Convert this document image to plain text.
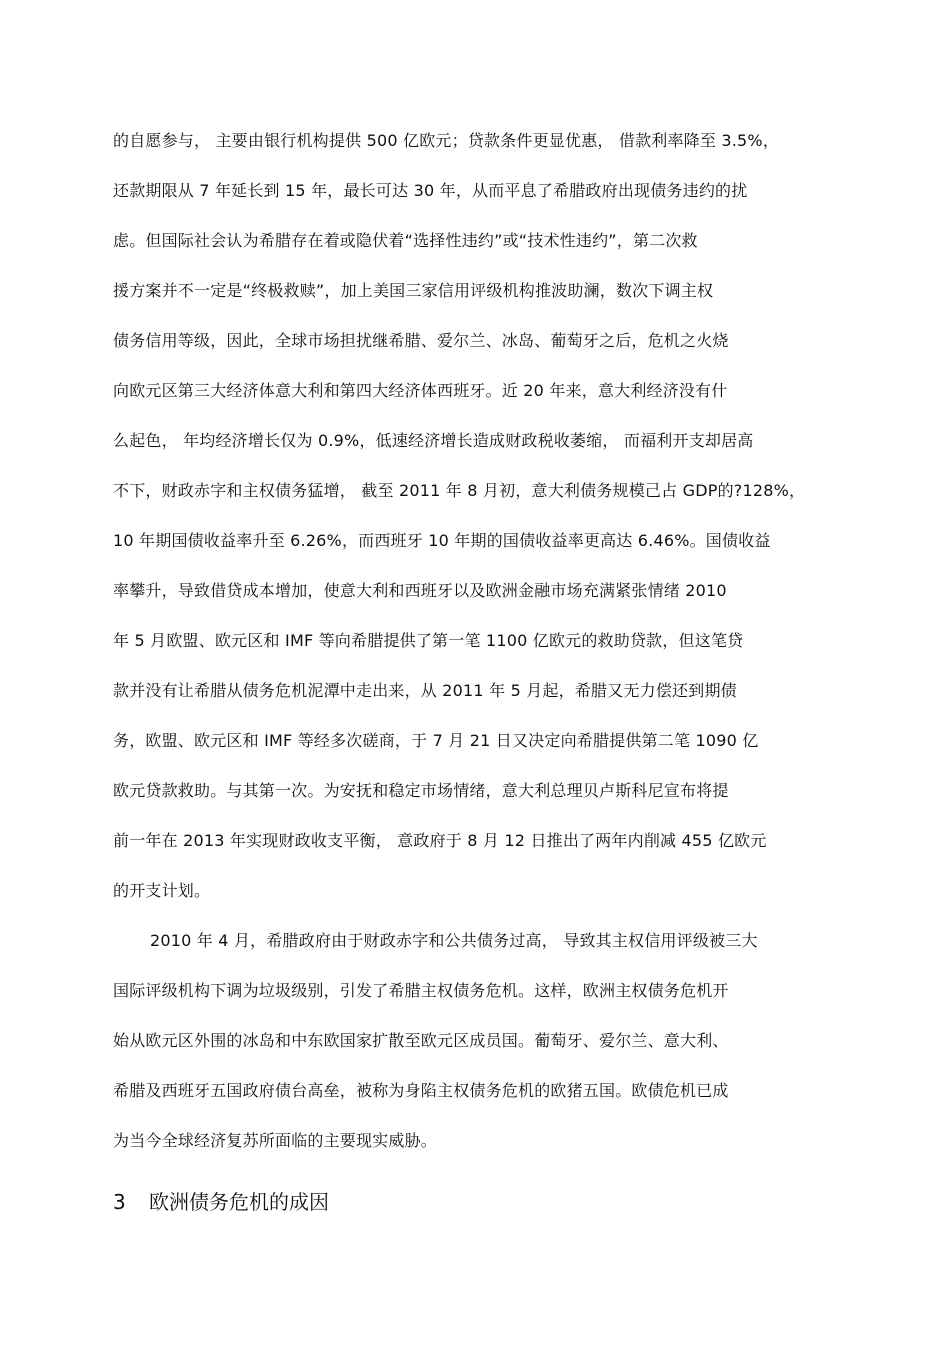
的自愿参与， 主要由银行机构提供 500 亿欧元；贷款条件更显优惠， 借款利率降至 3.5%，
还款期限从 7 年延长到 15 年，最长可达 30 年，从而平息了希腊政府出现债务违约的扰
虑。但国际社会认为希腊存在着或隐伏着“选择性违约”或“技术性违约”，第二次救
援方案并不一定是“终极救赎”，加上美国三家信用评级机构推波助澜，数次下调主权
债务信用等级，因此，全球市场担扰继希腊、爱尔兰、冰岛、葡萄牙之后，危机之火烧
向欧元区第三大经济体意大利和第四大经济体西班牙。近 20 年来，意大利经济没有什
么起色， 年均经济增长仅为 0.9%，低速经济增长造成财政税收萎缩， 而福利开支却居高
不下，财政赤字和主权债务猛增， 截至 2011 年 8 月初，意大利债务规模己占 GDP的?128%，
10 年期国债收益率升至 6.26%，而西班牙 10 年期的国债收益率更高达 6.46%。国债收益
率攀升，导致借贷成本增加，使意大利和西班牙以及欧洲金融市场充满紧张情绪 2010
年 5 月欧盟、欧元区和 IMF 等向希腊提供了第一笔 1100 亿欧元的救助贷款，但这笔贷
款并没有让希腊从债务危机泥潭中走出来，从 2011 年 5 月起，希腊又无力偿还到期债
务，欧盟、欧元区和 IMF 等经多次磋商，于 7 月 21 日又决定向希腊提供第二笔 1090 亿
欧元贷款救助。与其第一次。为安抚和稳定市场情绪，意大利总理贝卢斯科尼宣布将提
前一年在 2013 年实现财政收支平衡， 意政府于 8 月 12 日推出了两年内削减 455 亿欧元
的开支计划。
2010 年 4 月，希腊政府由于财政赤字和公共债务过高， 导致其主权信用评级被三大
国际评级机构下调为垃圾级别，引发了希腊主权债务危机。这样，欧洲主权债务危机开
始从欧元区外围的冰岛和中东欧国家扩散至欧元区成员国。葡萄牙、爱尔兰、意大利、
希腊及西班牙五国政府债台高垒，被称为身陷主权债务危机的欧猪五国。欧债危机已成
为当今全球经济复苏所面临的主要现实威胁。
3 欧洲债务危机的成因
